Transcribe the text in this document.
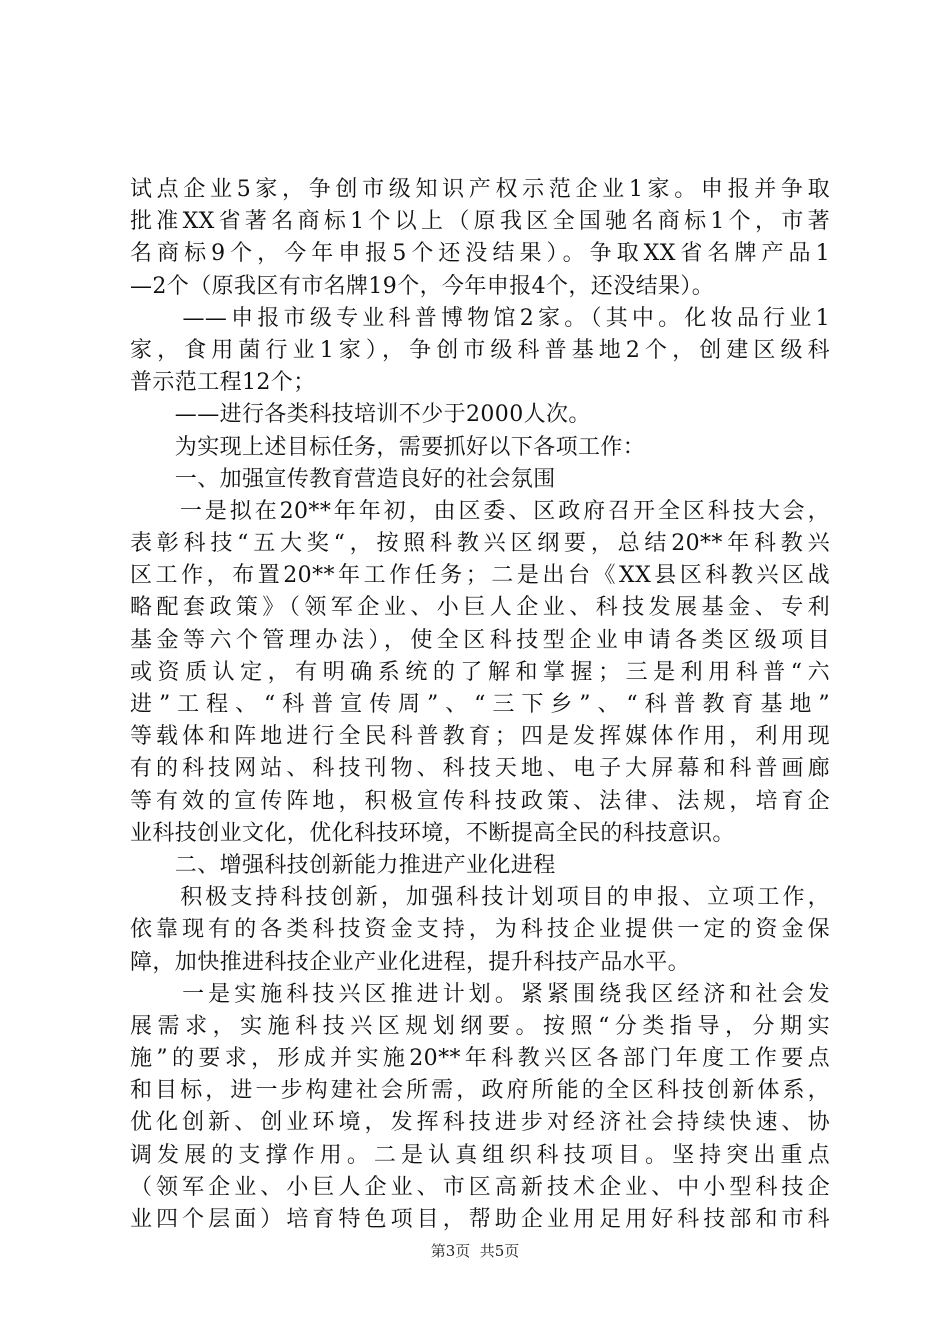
试点企业5家，争创市级知识产权示范企业1家。申报并争取
批准XX省著名商标1个以上（原我区全国驰名商标1个，市著
名商标9个，今年申报5个还没结果）。争取XX省名牌产品1
—2个（原我区有市名牌19个，今年申报4个，还没结果）。
　　——申报市级专业科普博物馆2家。（其中。化妆品行业1
家，食用菌行业1家），争创市级科普基地2个，创建区级科
普示范工程12个；
　　——进行各类科技培训不少于2000人次。
　　为实现上述目标任务，需要抓好以下各项工作：
　　一、加强宣传教育营造良好的社会氛围
　　一是拟在20**年年初，由区委、区政府召开全区科技大会，
表彰科技“五大奖“，按照科教兴区纲要，总结20**年科教兴
区工作，布置20**年工作任务；二是出台《XX县区科教兴区战
略配套政策》（领军企业、小巨人企业、科技发展基金、专利
基金等六个管理办法），使全区科技型企业申请各类区级项目
或资质认定，有明确系统的了解和掌握；三是利用科普“六
进”工程、“科普宣传周”、“三下乡”、“科普教育基地”
等载体和阵地进行全民科普教育；四是发挥媒体作用，利用现
有的科技网站、科技刊物、科技天地、电子大屏幕和科普画廊
等有效的宣传阵地，积极宣传科技政策、法律、法规，培育企
业科技创业文化，优化科技环境，不断提高全民的科技意识。
　　二、增强科技创新能力推进产业化进程
　　积极支持科技创新，加强科技计划项目的申报、立项工作，
依靠现有的各类科技资金支持，为科技企业提供一定的资金保
障，加快推进科技企业产业化进程，提升科技产品水平。
　　一是实施科技兴区推进计划。紧紧围绕我区经济和社会发
展需求，实施科技兴区规划纲要。按照“分类指导，分期实
施”的要求，形成并实施20**年科教兴区各部门年度工作要点
和目标，进一步构建社会所需，政府所能的全区科技创新体系，
优化创新、创业环境，发挥科技进步对经济社会持续快速、协
调发展的支撑作用。二是认真组织科技项目。坚持突出重点
（领军企业、小巨人企业、市区高新技术企业、中小型科技企
业四个层面）培育特色项目，帮助企业用足用好科技部和市科
第3页  共5页
